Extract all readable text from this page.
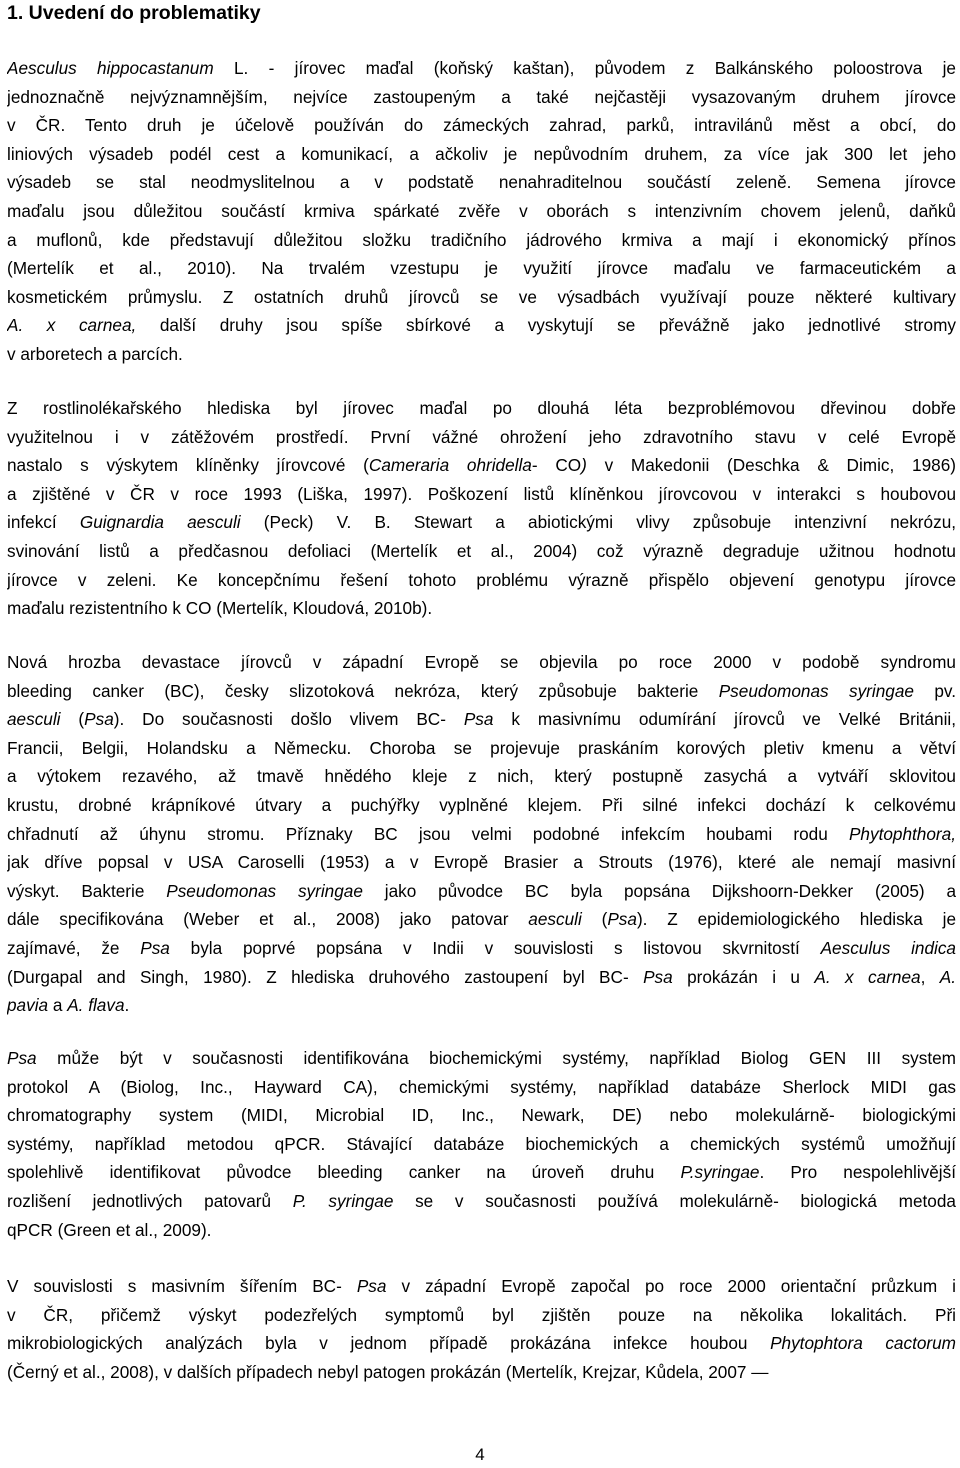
1. Uvedení do problematiky
Aesculus hippocastanum L. - jírovec maďal (koňský kaštan), původem z Balkánského poloostrova je
jednoznačně nejvýznamnějším, nejvíce zastoupeným a také nejčastěji vysazovaným druhem jírovce
v ČR. Tento druh je účelově používán do zámeckých zahrad, parků, intravilánů měst a obcí, do
liniových výsadeb podél cest a komunikací, a ačkoliv je nepůvodním druhem, za více jak 300 let jeho
výsadeb se stal neodmyslitelnou a v podstatě nenahraditelnou součástí zeleně. Semena jírovce
maďalu jsou důležitou součástí krmiva spárkaté zvěře v oborách s intenzivním chovem jelenů, daňků
a muflonů, kde představují důležitou složku tradičního jádrového krmiva a mají i ekonomický přínos
(Mertelík et al., 2010). Na trvalém vzestupu je využití jírovce maďalu ve farmaceutickém a
kosmetickém průmyslu. Z ostatních druhů jírovců se ve výsadbách využívají pouze některé kultivary
A. x carnea, další druhy jsou spíše sbírkové a vyskytují se převážně jako jednotlivé stromy
v arboretech a parcích.
Z rostlinolékařského hlediska byl jírovec maďal po dlouhá léta bezproblémovou dřevinou dobře
využitelnou i v zátěžovém prostředí. První vážné ohrožení jeho zdravotního stavu v celé Evropě
nastalo s výskytem klíněnky jírovcové (Cameraria ohridella- CO) v Makedonii (Deschka & Dimic, 1986)
a zjištěné v ČR v roce 1993 (Liška, 1997). Poškození listů klíněnkou jírovcovou v interakci s houbovou
infekcí Guignardia aesculi (Peck) V. B. Stewart a abiotickými vlivy způsobuje intenzivní nekrózu,
svinování listů a předčasnou defoliaci (Mertelík et al., 2004) což výrazně degraduje užitnou hodnotu
jírovce v zeleni. Ke koncepčnímu řešení tohoto problému výrazně přispělo objevení genotypu jírovce
maďalu rezistentního k CO (Mertelík, Kloudová, 2010b).
Nová hrozba devastace jírovců v západní Evropě se objevila po roce 2000 v podobě syndromu
bleeding canker (BC), česky slizotoková nekróza, který způsobuje bakterie Pseudomonas syringae pv.
aesculi (Psa). Do současnosti došlo vlivem BC- Psa k masivnímu odumírání jírovců ve Velké Británii,
Francii, Belgii, Holandsku a Německu. Choroba se projevuje praskáním korových pletiv kmenu a větví
a výtokem rezavého, až tmavě hnědého kleje z nich, který postupně zasychá a vytváří sklovitou
krustu, drobné krápníkové útvary a puchýřky vyplněné klejem. Při silné infekci dochází k celkovému
chřadnutí až úhynu stromu. Příznaky BC jsou velmi podobné infekcím houbami rodu Phytophthora,
jak dříve popsal v USA Caroselli (1953) a v Evropě Brasier a Strouts (1976), které ale nemají masivní
výskyt. Bakterie Pseudomonas syringae jako původce BC byla popsána Dijkshoorn-Dekker (2005) a
dále specifikována (Weber et al., 2008) jako patovar aesculi (Psa). Z epidemiologického hlediska je
zajímavé, že Psa byla poprvé popsána v Indii v souvislosti s listovou skvrnitostí Aesculus indica
(Durgapal and Singh, 1980). Z hlediska druhového zastoupení byl BC- Psa prokázán i u A. x carnea, A.
pavia a A. flava.
Psa může být v současnosti identifikována biochemickými systémy, například Biolog GEN III system
protokol A (Biolog, Inc., Hayward CA), chemickými systémy, například databáze Sherlock MIDI gas
chromatography system (MIDI, Microbial ID, Inc., Newark, DE) nebo molekulárně- biologickými
systémy, například metodou qPCR. Stávající databáze biochemických a chemických systémů umožňují
spolehlivě identifikovat původce bleeding canker na úroveň druhu P.syringae. Pro nespolehlivější
rozlišení jednotlivých patovarů P. syringae se v současnosti používá molekulárně- biologická metoda
qPCR (Green et al., 2009).
V souvislosti s masivním šířením BC- Psa v západní Evropě započal po roce 2000 orientační průzkum i
v ČR, přičemž výskyt podezřelých symptomů byl zjištěn pouze na několika lokalitách. Při
mikrobiologických analýzách byla v jednom případě prokázána infekce houbou Phytophtora cactorum
(Černý et al., 2008), v dalších případech nebyl patogen prokázán (Mertelík, Krejzar, Kůdela, 2007 —
4
